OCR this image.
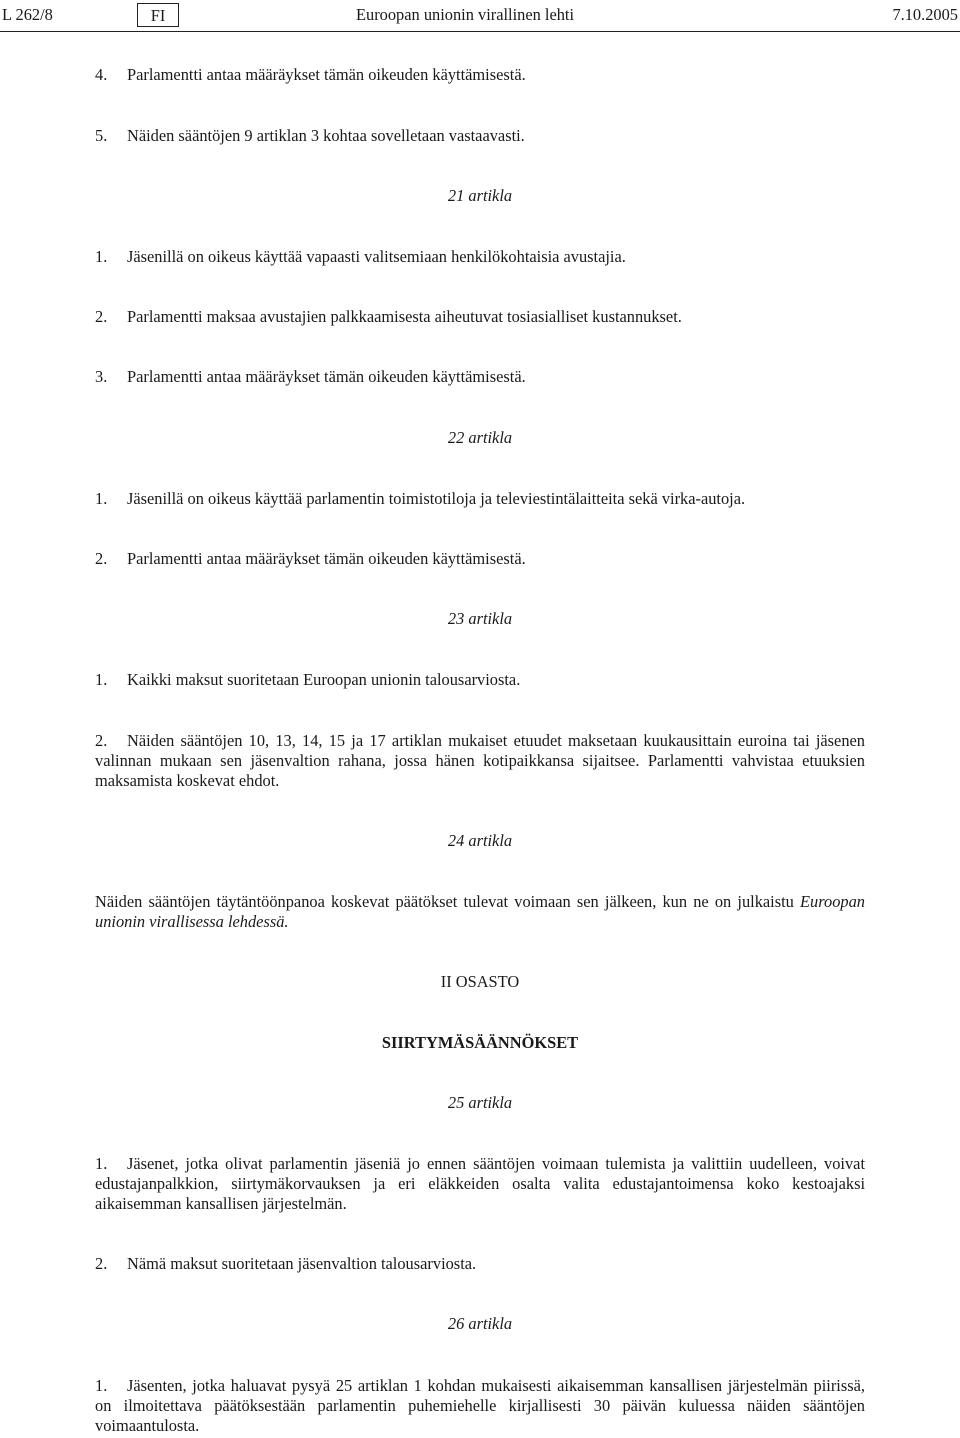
L 262/8	FI	Euroopan unionin virallinen lehti	7.10.2005
4. Parlamentti antaa määräykset tämän oikeuden käyttämisestä.
5. Näiden sääntöjen 9 artiklan 3 kohtaa sovelletaan vastaavasti.
21 artikla
1. Jäsenillä on oikeus käyttää vapaasti valitsemiaan henkilökohtaisia avustajia.
2. Parlamentti maksaa avustajien palkkaamisesta aiheutuvat tosiasialliset kustannukset.
3. Parlamentti antaa määräykset tämän oikeuden käyttämisestä.
22 artikla
1. Jäsenillä on oikeus käyttää parlamentin toimistotiloja ja televiestintälaitteita sekä virka-autoja.
2. Parlamentti antaa määräykset tämän oikeuden käyttämisestä.
23 artikla
1. Kaikki maksut suoritetaan Euroopan unionin talousarviosta.
2. Näiden sääntöjen 10, 13, 14, 15 ja 17 artiklan mukaiset etuudet maksetaan kuukausittain euroina tai jäsenen valinnan mukaan sen jäsenvaltion rahana, jossa hänen kotipaikkansa sijaitsee. Parlamentti vahvistaa etuuksien maksamista koskevat ehdot.
24 artikla
Näiden sääntöjen täytäntöönpanoa koskevat päätökset tulevat voimaan sen jälkeen, kun ne on julkaistu Euroopan unionin virallisessa lehdessä.
II OSASTO
SIIRTYMÄSÄÄNNÖKSET
25 artikla
1. Jäsenet, jotka olivat parlamentin jäseniä jo ennen sääntöjen voimaan tulemista ja valittiin uudelleen, voivat edustajanpalkkion, siirtymäkorvauksen ja eri eläkkeiden osalta valita edustajantoimensa koko kestoajaksi aikaisemman kansallisen järjestelmän.
2. Nämä maksut suoritetaan jäsenvaltion talousarviosta.
26 artikla
1. Jäsenten, jotka haluavat pysyä 25 artiklan 1 kohdan mukaisesti aikaisemman kansallisen järjestelmän piirissä, on ilmoitettava päätöksestään parlamentin puhemiehelle kirjallisesti 30 päivän kuluessa näiden sääntöjen voimaantulosta.
